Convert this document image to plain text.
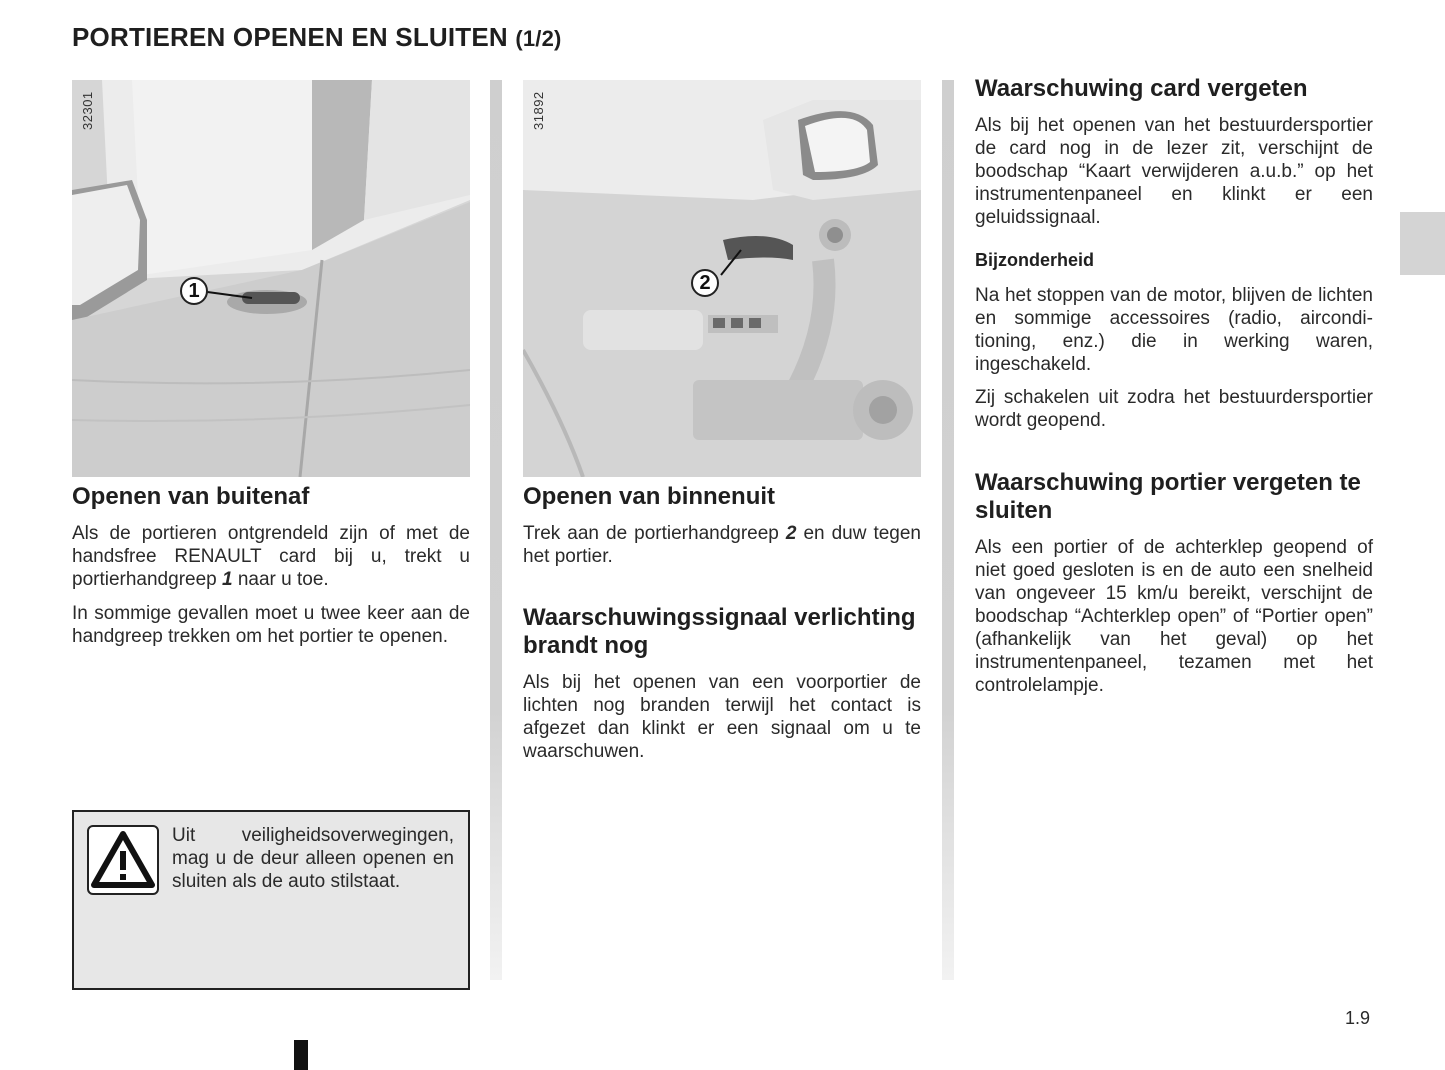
PORTIEREN OPENEN EN SLUITEN (1/2)
32301
1
Openen van buitenaf

Als de portieren ontgrendeld zijn of met de handsfree RENAULT card bij u, trekt u portierhandgreep 1 naar u toe.

In sommige gevallen moet u twee keer aan de handgreep trekken om het portier te openen.

Uit veiligheidsoverwegingen, mag u de deur alleen openen en sluiten als de auto stilstaat.

31892
2
Openen van binnenuit

Trek aan de portierhandgreep 2 en duw tegen het portier.

Waarschuwingssignaal verlichting brandt nog

Als bij het openen van een voorportier de lichten nog branden terwijl het contact is afgezet dan klinkt er een signaal om u te waarschuwen.

Waarschuwing card vergeten

Als bij het openen van het bestuurdersportier de card nog in de lezer zit, verschijnt de boodschap “Kaart verwijderen a.u.b.” op het instrumentenpaneel en klinkt er een geluidssignaal.

Bijzonderheid

Na het stoppen van de motor, blijven de lichten en sommige accessoires (radio, airconditioning, enz.) die in werking waren, ingeschakeld.

Zij schakelen uit zodra het bestuurdersportier wordt geopend.

Waarschuwing portier vergeten te sluiten

Als een portier of de achterklep geopend of niet goed gesloten is en de auto een snelheid van ongeveer 15 km/u bereikt, verschijnt de boodschap “Achterklep open” of “Portier open” (afhankelijk van het geval) op het instrumentenpaneel, tezamen met het controlelampje.

1.9
